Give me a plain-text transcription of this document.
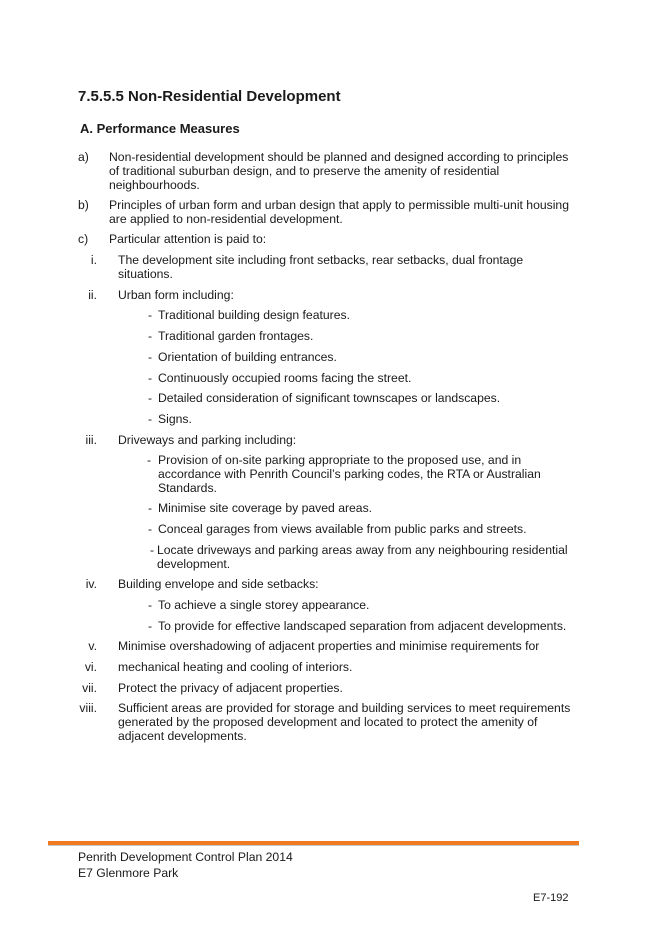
7.5.5.5 Non-Residential Development
A. Performance Measures
a) Non-residential development should be planned and designed according to principles of traditional suburban design, and to preserve the amenity of residential neighbourhoods.
b) Principles of urban form and urban design that apply to permissible multi-unit housing are applied to non-residential development.
c) Particular attention is paid to:
i. The development site including front setbacks, rear setbacks, dual frontage situations.
ii. Urban form including:
- Traditional building design features.
- Traditional garden frontages.
- Orientation of building entrances.
- Continuously occupied rooms facing the street.
- Detailed consideration of significant townscapes or landscapes.
- Signs.
iii. Driveways and parking including:
- Provision of on-site parking appropriate to the proposed use, and in accordance with Penrith Council’s parking codes, the RTA or Australian Standards.
- Minimise site coverage by paved areas.
- Conceal garages from views available from public parks and streets.
- Locate driveways and parking areas away from any neighbouring residential development.
iv. Building envelope and side setbacks:
- To achieve a single storey appearance.
- To provide for effective landscaped separation from adjacent developments.
v. Minimise overshadowing of adjacent properties and minimise requirements for
vi. mechanical heating and cooling of interiors.
vii. Protect the privacy of adjacent properties.
viii. Sufficient areas are provided for storage and building services to meet requirements generated by the proposed development and located to protect the amenity of adjacent developments.
Penrith Development Control Plan 2014
E7 Glenmore Park
E7-192
